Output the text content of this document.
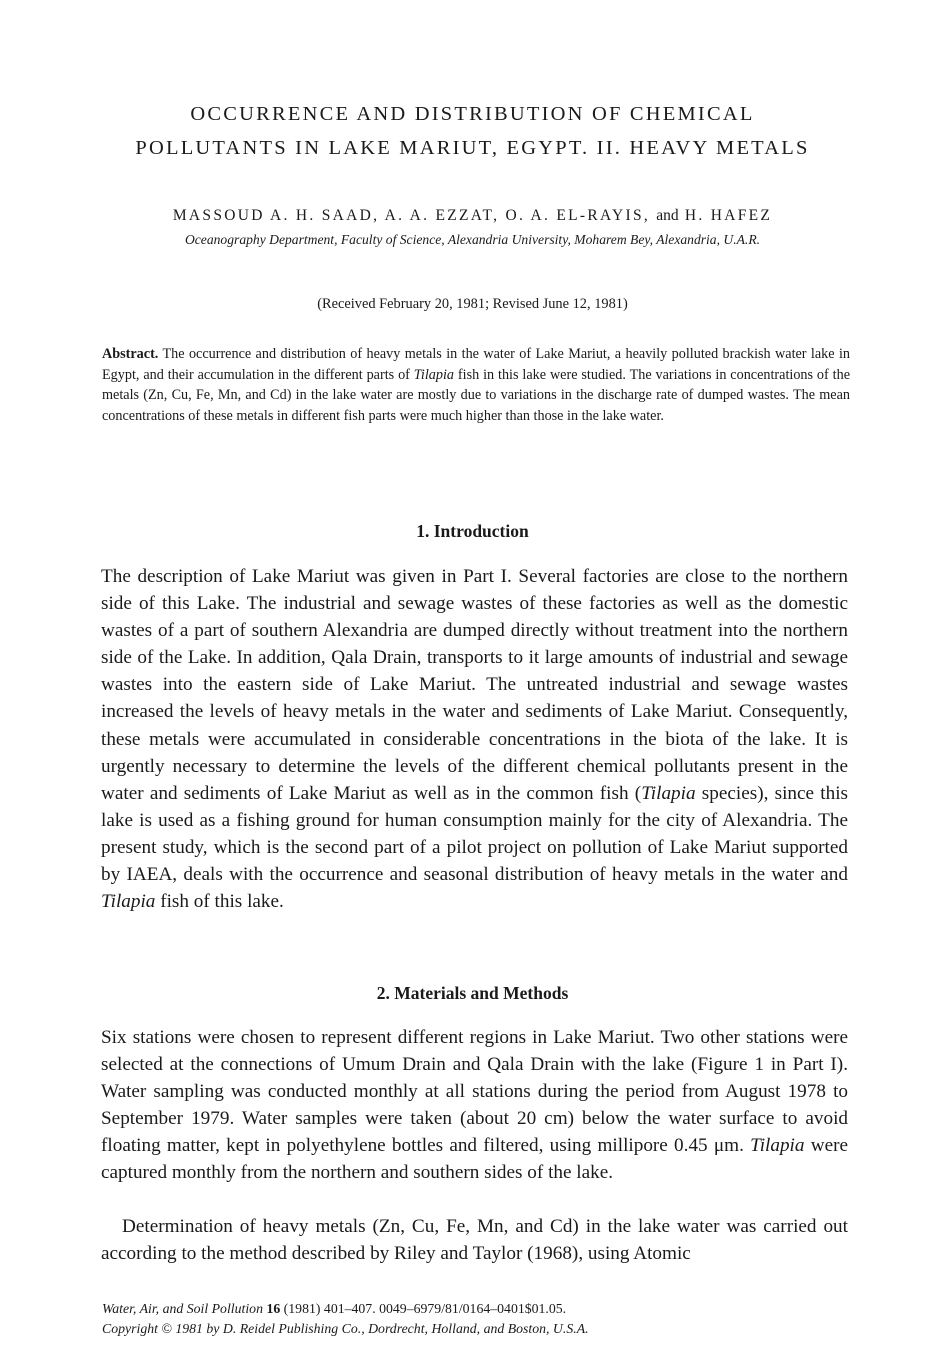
OCCURRENCE AND DISTRIBUTION OF CHEMICAL
POLLUTANTS IN LAKE MARIUT, EGYPT. II. HEAVY METALS

MASSOUD A. H. SAAD, A. A. EZZAT, O. A. EL-RAYIS, and H. HAFEZ

Oceanography Department, Faculty of Science, Alexandria University, Moharem Bey, Alexandria, U.A.R.

(Received February 20, 1981; Revised June 12, 1981)

Abstract. The occurrence and distribution of heavy metals in the water of Lake Mariut, a heavily polluted brackish water lake in Egypt, and their accumulation in the different parts of Tilapia fish in this lake were studied. The variations in concentrations of the metals (Zn, Cu, Fe, Mn, and Cd) in the lake water are mostly due to variations in the discharge rate of dumped wastes. The mean concentrations of these metals in different fish parts were much higher than those in the lake water.

1. Introduction

The description of Lake Mariut was given in Part I. Several factories are close to the northern side of this Lake. The industrial and sewage wastes of these factories as well as the domestic wastes of a part of southern Alexandria are dumped directly without treatment into the northern side of the Lake. In addition, Qala Drain, transports to it large amounts of industrial and sewage wastes into the eastern side of Lake Mariut. The untreated industrial and sewage wastes increased the levels of heavy metals in the water and sediments of Lake Mariut. Consequently, these metals were accumulated in considerable concentrations in the biota of the lake. It is urgently necessary to determine the levels of the different chemical pollutants present in the water and sediments of Lake Mariut as well as in the common fish (Tilapia species), since this lake is used as a fishing ground for human consumption mainly for the city of Alexandria. The present study, which is the second part of a pilot project on pollution of Lake Mariut supported by IAEA, deals with the occurrence and seasonal distribution of heavy metals in the water and Tilapia fish of this lake.

2. Materials and Methods

Six stations were chosen to represent different regions in Lake Mariut. Two other stations were selected at the connections of Umum Drain and Qala Drain with the lake (Figure 1 in Part I). Water sampling was conducted monthly at all stations during the period from August 1978 to September 1979. Water samples were taken (about 20 cm) below the water surface to avoid floating matter, kept in polyethylene bottles and filtered, using millipore 0.45 μm. Tilapia were captured monthly from the northern and southern sides of the lake.

Determination of heavy metals (Zn, Cu, Fe, Mn, and Cd) in the lake water was carried out according to the method described by Riley and Taylor (1968), using Atomic

Water, Air, and Soil Pollution 16 (1981) 401–407. 0049–6979/81/0164–0401$01.05.
Copyright © 1981 by D. Reidel Publishing Co., Dordrecht, Holland, and Boston, U.S.A.
